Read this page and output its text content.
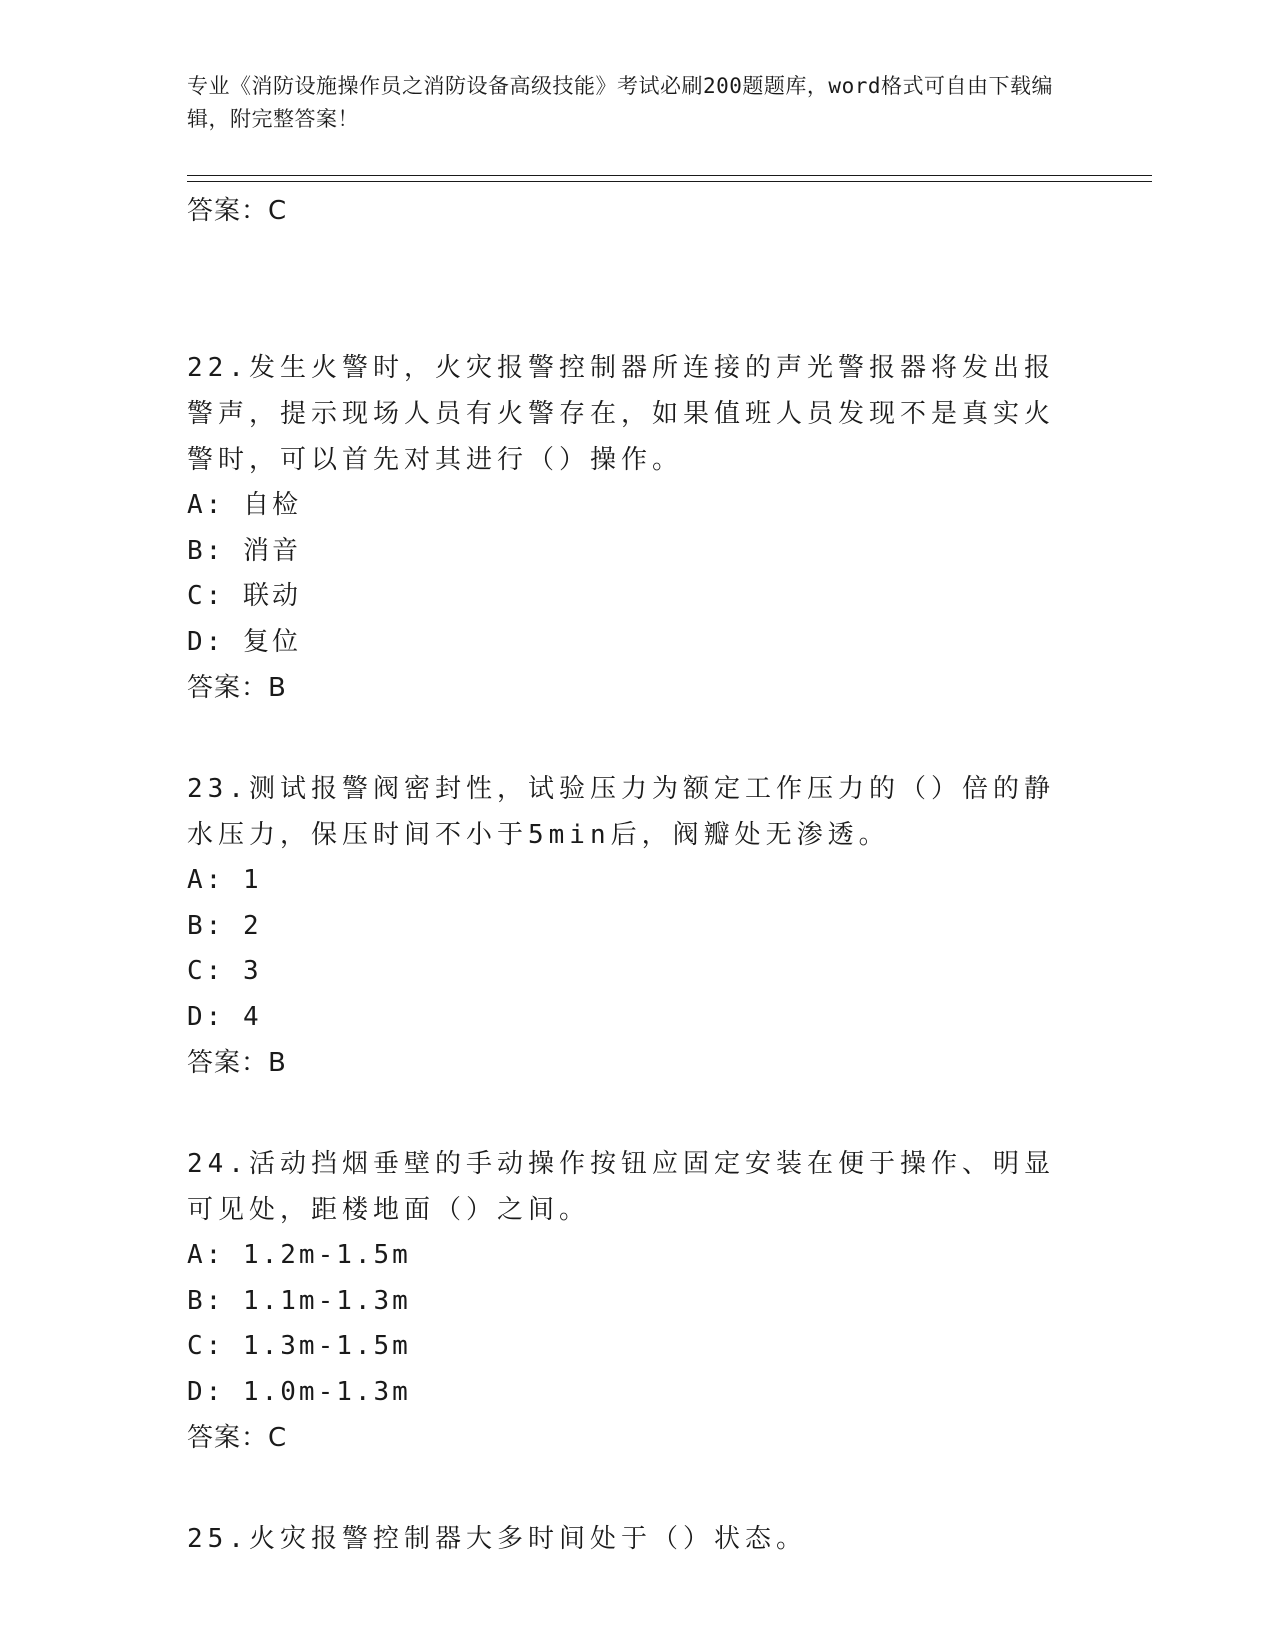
专业《消防设施操作员之消防设备高级技能》考试必刷200题题库，word格式可自由下载编辑，附完整答案！

答案：C

22.发生火警时，火灾报警控制器所连接的声光警报器将发出报警声，提示现场人员有火警存在，如果值班人员发现不是真实火警时，可以首先对其进行（）操作。

A: 自检

B: 消音

C: 联动

D: 复位

答案：B

23.测试报警阀密封性，试验压力为额定工作压力的（）倍的静水压力，保压时间不小于5min后，阀瓣处无渗透。

A: 1

B: 2

C: 3

D: 4

答案：B

24.活动挡烟垂壁的手动操作按钮应固定安装在便于操作、明显可见处，距楼地面（）之间。

A: 1.2m-1.5m

B: 1.1m-1.3m

C: 1.3m-1.5m

D: 1.0m-1.3m

答案：C

25.火灾报警控制器大多时间处于（）状态。
